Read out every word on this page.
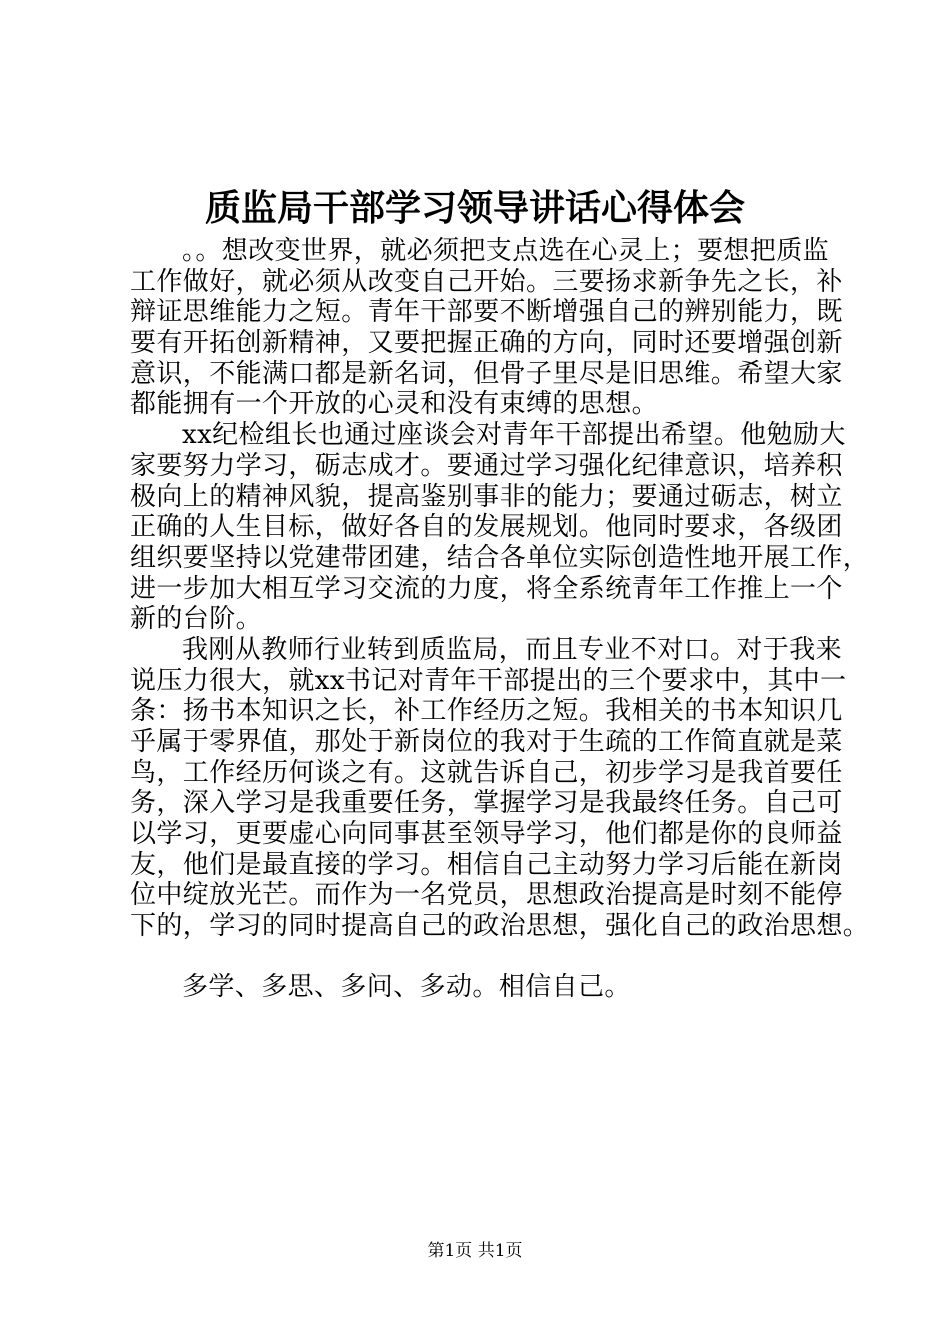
质监局干部学习领导讲话心得体会
。。想改变世界，就必须把支点选在心灵上；要想把质监
工作做好，就必须从改变自己开始。三要扬求新争先之长，补
辩证思维能力之短。青年干部要不断增强自己的辨别能力，既
要有开拓创新精神，又要把握正确的方向，同时还要增强创新
意识，不能满口都是新名词，但骨子里尽是旧思维。希望大家
都能拥有一个开放的心灵和没有束缚的思想。
xx纪检组长也通过座谈会对青年干部提出希望。他勉励大
家要努力学习，砺志成才。要通过学习强化纪律意识，培养积
极向上的精神风貌，提高鉴别事非的能力；要通过砺志，树立
正确的人生目标，做好各自的发展规划。他同时要求，各级团
组织要坚持以党建带团建，结合各单位实际创造性地开展工作，
进一步加大相互学习交流的力度，将全系统青年工作推上一个
新的台阶。
我刚从教师行业转到质监局，而且专业不对口。对于我来
说压力很大，就xx书记对青年干部提出的三个要求中，其中一
条：扬书本知识之长，补工作经历之短。我相关的书本知识几
乎属于零界值，那处于新岗位的我对于生疏的工作简直就是菜
鸟，工作经历何谈之有。这就告诉自己，初步学习是我首要任
务，深入学习是我重要任务，掌握学习是我最终任务。自己可
以学习，更要虚心向同事甚至领导学习，他们都是你的良师益
友，他们是最直接的学习。相信自己主动努力学习后能在新岗
位中绽放光芒。而作为一名党员，思想政治提高是时刻不能停
下的，学习的同时提高自己的政治思想，强化自己的政治思想。
多学、多思、多问、多动。相信自己。
第1页 共1页
